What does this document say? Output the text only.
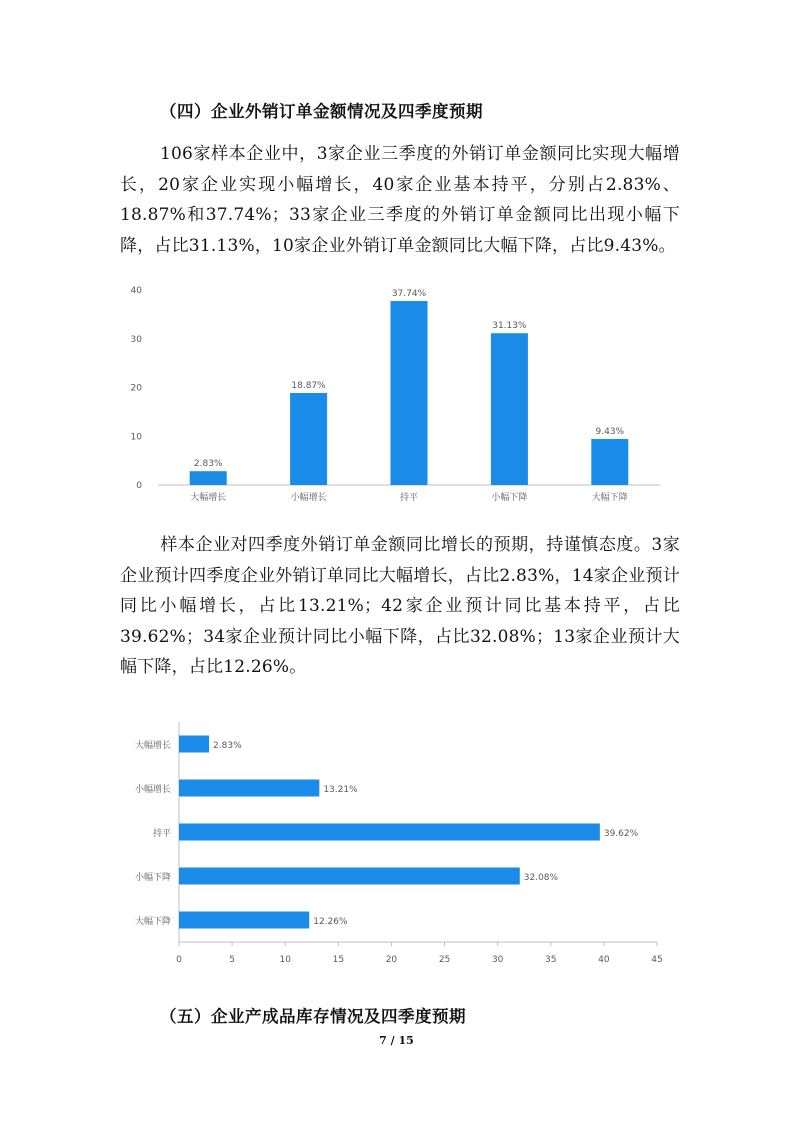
（四）企业外销订单金额情况及四季度预期

106家样本企业中，3家企业三季度的外销订单金额同比实现大幅增长，20家企业实现小幅增长，40家企业基本持平，分别占2.83%、18.87%和37.74%；33家企业三季度的外销订单金额同比出现小幅下降，占比31.13%，10家企业外销订单金额同比大幅下降，占比9.43%。

0
10
20
30
40
2.83%
大幅增长
18.87%
小幅增长
37.74%
持平
31.13%
小幅下降
9.43%
大幅下降

样本企业对四季度外销订单金额同比增长的预期，持谨慎态度。3家企业预计四季度企业外销订单同比大幅增长，占比2.83%，14家企业预计同比小幅增长，占比13.21%；42家企业预计同比基本持平，占比39.62%；34家企业预计同比小幅下降，占比32.08%；13家企业预计大幅下降，占比12.26%。

0	5	10	15	20	25	30	35	40	45
2.83%
大幅增长
13.21%
小幅增长
39.62%
持平
32.08%
小幅下降
12.26%
大幅下降
（五）企业产成品库存情况及四季度预期
7 / 15
